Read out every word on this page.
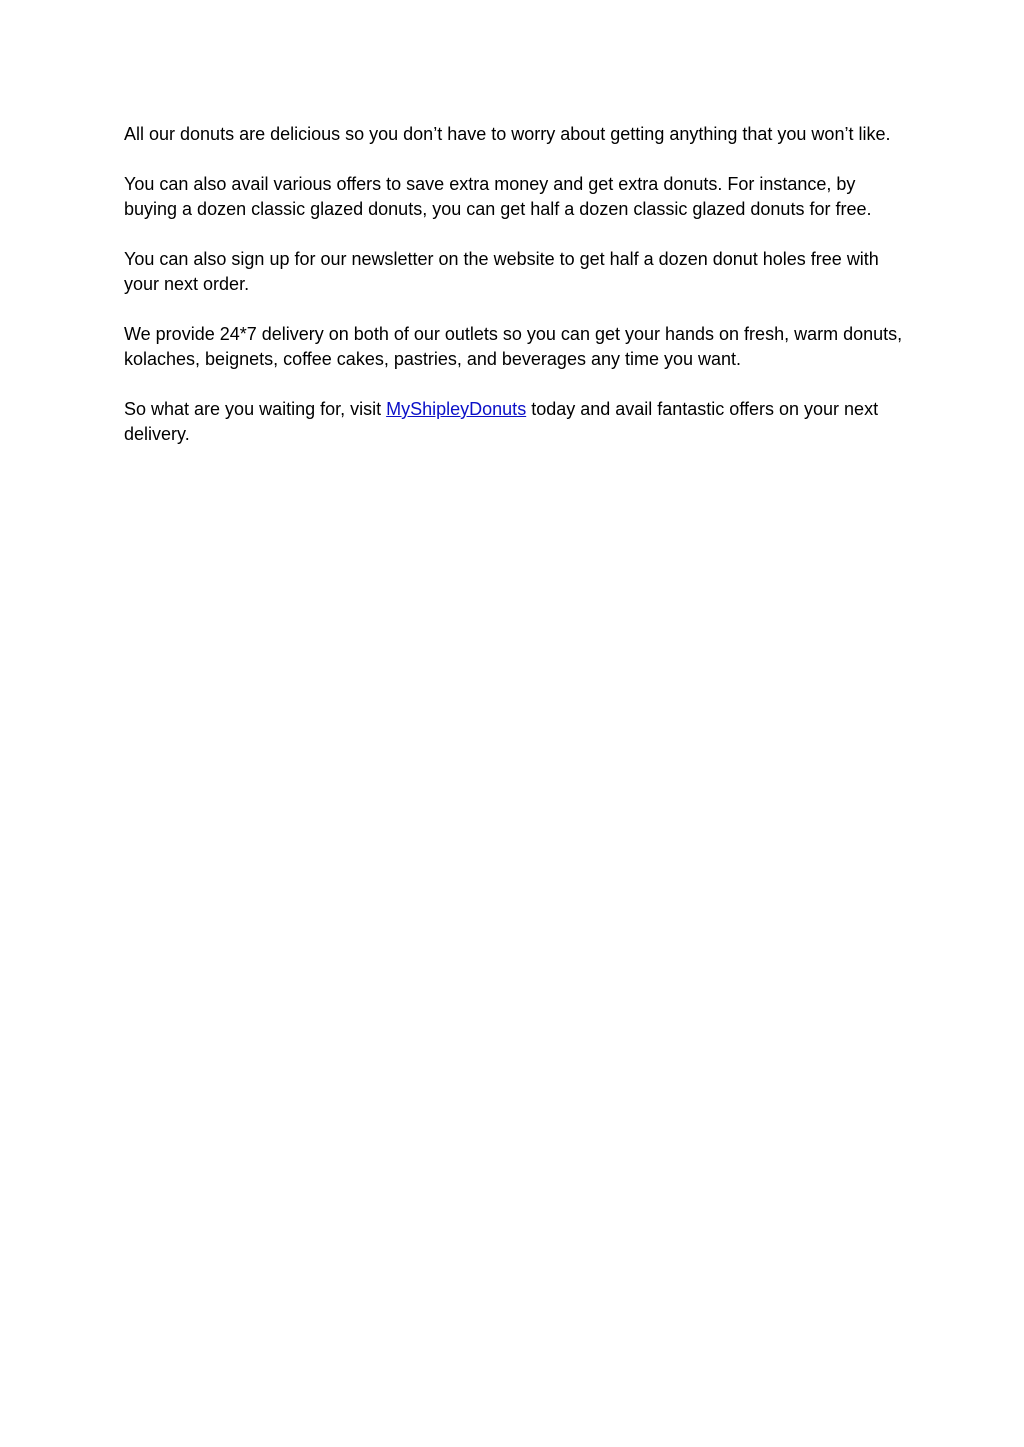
All our donuts are delicious so you don’t have to worry about getting anything that you won’t like.

You can also avail various offers to save extra money and get extra donuts. For instance, by buying a dozen classic glazed donuts, you can get half a dozen classic glazed donuts for free.

You can also sign up for our newsletter on the website to get half a dozen donut holes free with your next order.

We provide 24*7 delivery on both of our outlets so you can get your hands on fresh, warm donuts, kolaches, beignets, coffee cakes, pastries, and beverages any time you want.

So what are you waiting for, visit MyShipleyDonuts today and avail fantastic offers on your next delivery.
